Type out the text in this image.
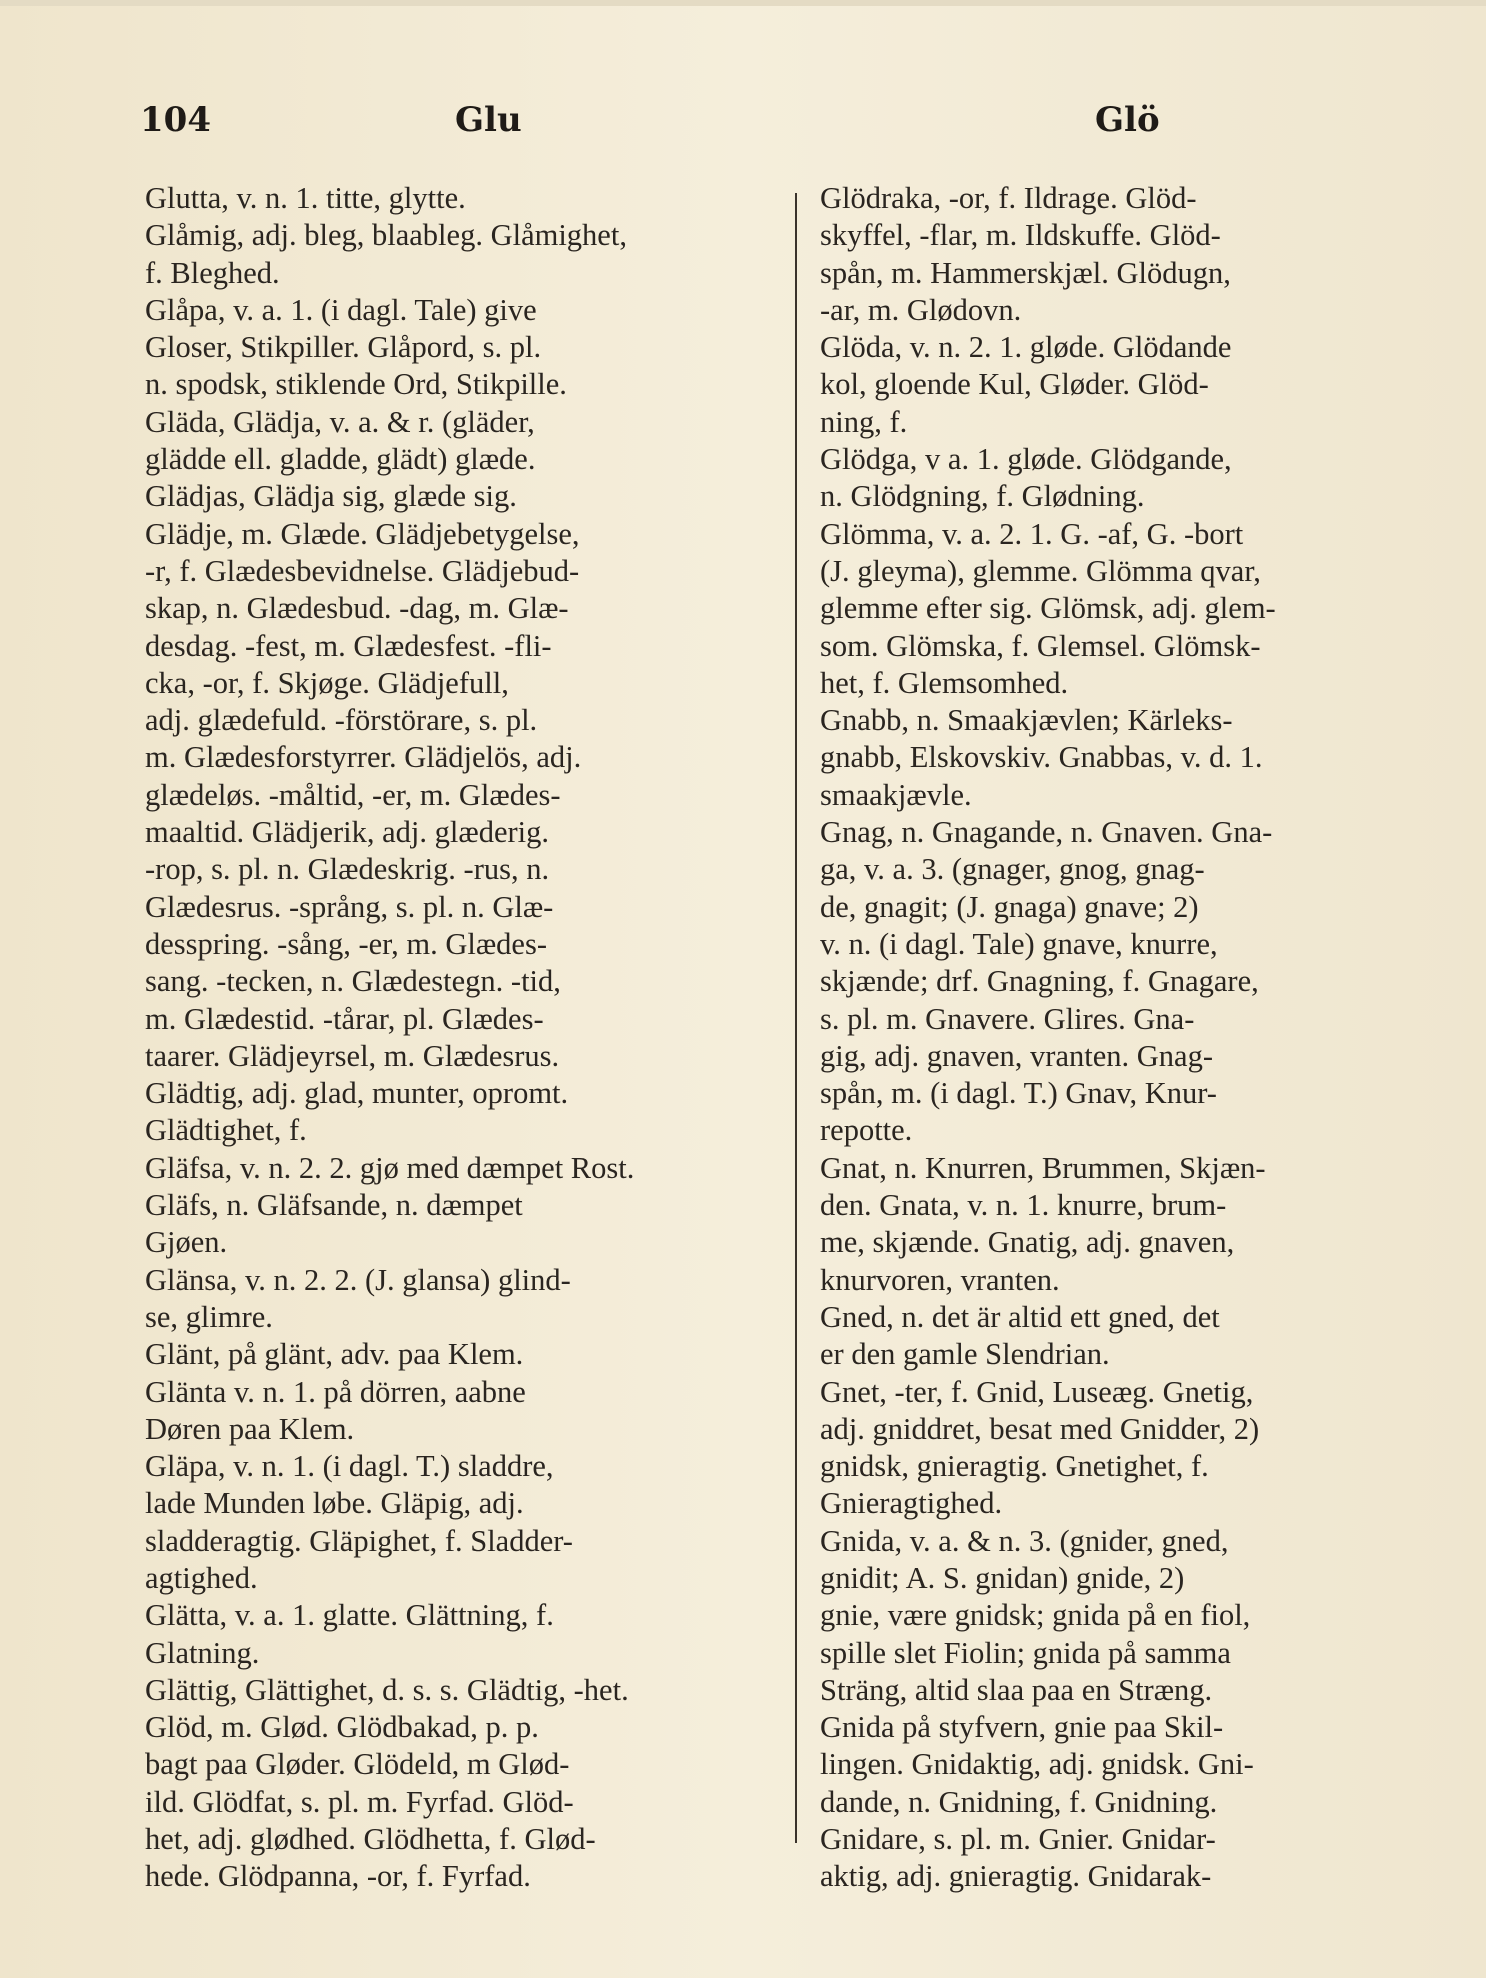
104	Glu	Glö
Glutta, v. n. 1. titte, glytte.
Glåmig, adj. bleg, blaableg. Glåmighet,
f. Bleghed.
Glåpa, v. a. 1. (i dagl. Tale) give
Gloser, Stikpiller. Glåpord, s. pl.
n. spodsk, stiklende Ord, Stikpille.
Gläda, Glädja, v. a. & r. (gläder,
glädde ell. gladde, glädt) glæde.
Glädjas, Glädja sig, glæde sig.
Glädje, m. Glæde. Glädjebetygelse,
-r, f. Glædesbevidnelse. Glädjebud-
skap, n. Glædesbud. -dag, m. Glæ-
desdag. -fest, m. Glædesfest. -fli-
cka, -or, f. Skjøge. Glädjefull,
adj. glædefuld. -förstörare, s. pl.
m. Glædesforstyrrer. Glädjelös, adj.
glædeløs. -måltid, -er, m. Glædes-
maaltid. Glädjerik, adj. glæderig.
-rop, s. pl. n. Glædeskrig. -rus, n.
Glædesrus. -språng, s. pl. n. Glæ-
desspring. -sång, -er, m. Glædes-
sang. -tecken, n. Glædestegn. -tid,
m. Glædestid. -tårar, pl. Glædes-
taarer. Glädjeyrsel, m. Glædesrus.
Glädtig, adj. glad, munter, opromt.
Glädtighet, f.
Gläfsa, v. n. 2. 2. gjø med dæmpet Rost.
Gläfs, n. Gläfsande, n. dæmpet
Gjøen.
Glänsa, v. n. 2. 2. (J. glansa) glind-
se, glimre.
Glänt, på glänt, adv. paa Klem.
Glänta v. n. 1. på dörren, aabne
Døren paa Klem.
Gläpa, v. n. 1. (i dagl. T.) sladdre,
lade Munden løbe. Gläpig, adj.
sladderagtig. Gläpighet, f. Sladder-
agtighed.
Glätta, v. a. 1. glatte. Glättning, f.
Glatning.
Glättig, Glättighet, d. s. s. Glädtig, -het.
Glöd, m. Glød. Glödbakad, p. p.
bagt paa Gløder. Glödeld, m Glød-
ild. Glödfat, s. pl. m. Fyrfad. Glöd-
het, adj. glødhed. Glödhetta, f. Glød-
hede. Glödpanna, -or, f. Fyrfad.
Glödraka, -or, f. Ildrage. Glöd-
skyffel, -flar, m. Ildskuffe. Glöd-
spån, m. Hammerskjæl. Glödugn,
-ar, m. Glødovn.
Glöda, v. n. 2. 1. gløde. Glödande
kol, gloende Kul, Gløder. Glöd-
ning, f.
Glödga, v a. 1. gløde. Glödgande,
n. Glödgning, f. Glødning.
Glömma, v. a. 2. 1. G. -af, G. -bort
(J. gleyma), glemme. Glömma qvar,
glemme efter sig. Glömsk, adj. glem-
som. Glömska, f. Glemsel. Glömsk-
het, f. Glemsomhed.
Gnabb, n. Smaakjævlen; Kärleks-
gnabb, Elskovskiv. Gnabbas, v. d. 1.
smaakjævle.
Gnag, n. Gnagande, n. Gnaven. Gna-
ga, v. a. 3. (gnager, gnog, gnag-
de, gnagit; (J. gnaga) gnave; 2)
v. n. (i dagl. Tale) gnave, knurre,
skjænde; drf. Gnagning, f. Gnagare,
s. pl. m. Gnavere. Glires. Gna-
gig, adj. gnaven, vranten. Gnag-
spån, m. (i dagl. T.) Gnav, Knur-
repotte.
Gnat, n. Knurren, Brummen, Skjæn-
den. Gnata, v. n. 1. knurre, brum-
me, skjænde. Gnatig, adj. gnaven,
knurvoren, vranten.
Gned, n. det är altid ett gned, det
er den gamle Slendrian.
Gnet, -ter, f. Gnid, Luseæg. Gnetig,
adj. gniddret, besat med Gnidder, 2)
gnidsk, gnieragtig. Gnetighet, f.
Gnieragtighed.
Gnida, v. a. & n. 3. (gnider, gned,
gnidit; A. S. gnidan) gnide, 2)
gnie, være gnidsk; gnida på en fiol,
spille slet Fiolin; gnida på samma
Sträng, altid slaa paa en Stræng.
Gnida på styfvern, gnie paa Skil-
lingen. Gnidaktig, adj. gnidsk. Gni-
dande, n. Gnidning, f. Gnidning.
Gnidare, s. pl. m. Gnier. Gnidar-
aktig, adj. gnieragtig. Gnidarak-
